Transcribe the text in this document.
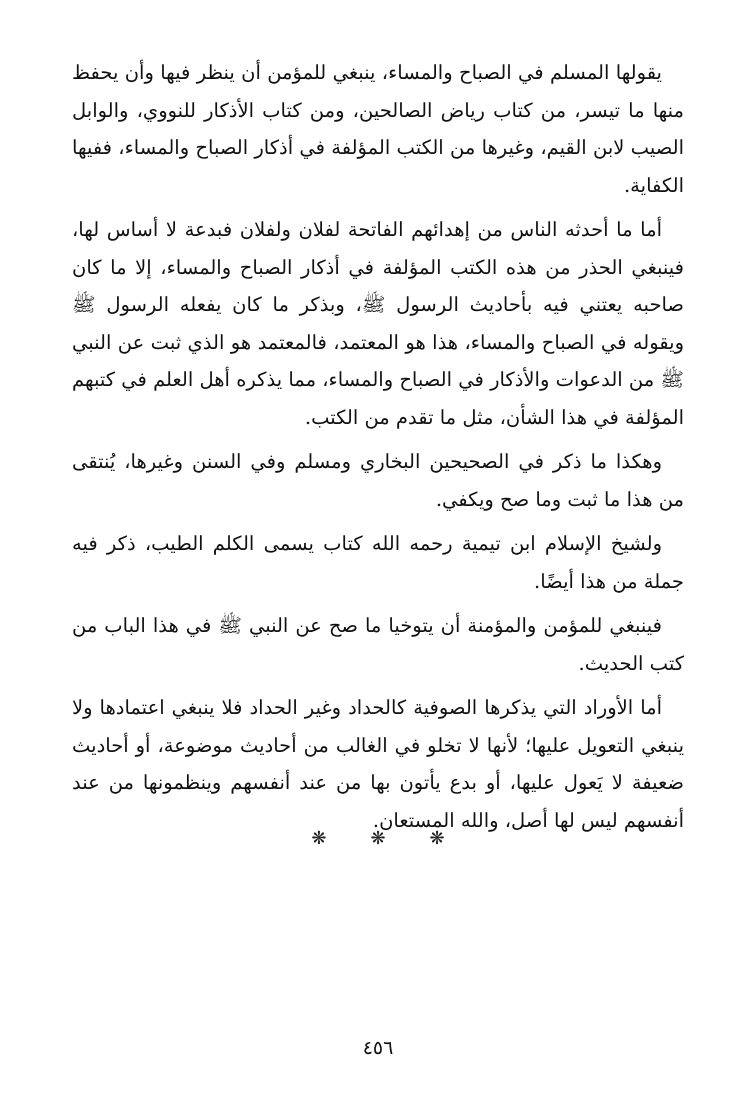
يقولها المسلم في الصباح والمساء، ينبغي للمؤمن أن ينظر فيها وأن يحفظ منها ما تيسر، من كتاب رياض الصالحين، ومن كتاب الأذكار للنووي، والوابل الصيب لابن القيم، وغيرها من الكتب المؤلفة في أذكار الصباح والمساء، ففيها الكفاية.

أما ما أحدثه الناس من إهدائهم الفاتحة لفلان ولفلان فبدعة لا أساس لها، فينبغي الحذر من هذه الكتب المؤلفة في أذكار الصباح والمساء، إلا ما كان صاحبه يعتني فيه بأحاديث الرسول ﷺ، وبذكر ما كان يفعله الرسول ﷺ ويقوله في الصباح والمساء، هذا هو المعتمد، فالمعتمد هو الذي ثبت عن النبي ﷺ من الدعوات والأذكار في الصباح والمساء، مما يذكره أهل العلم في كتبهم المؤلفة في هذا الشأن، مثل ما تقدم من الكتب.

وهكذا ما ذكر في الصحيحين البخاري ومسلم وفي السنن وغيرها، يُنتقى من هذا ما ثبت وما صح ويكفي.

ولشيخ الإسلام ابن تيمية رحمه الله كتاب يسمى الكلم الطيب، ذكر فيه جملة من هذا أيضًا.

فينبغي للمؤمن والمؤمنة أن يتوخيا ما صح عن النبي ﷺ في هذا الباب من كتب الحديث.

أما الأوراد التي يذكرها الصوفية كالحداد وغير الحداد فلا ينبغي اعتمادها ولا ينبغي التعويل عليها؛ لأنها لا تخلو في الغالب من أحاديث موضوعة، أو أحاديث ضعيفة لا يَعول عليها، أو بدع يأتون بها من عند أنفسهم وينظمونها من عند أنفسهم ليس لها أصل، والله المستعان.

❋ ❋ ❋
٤٥٦
